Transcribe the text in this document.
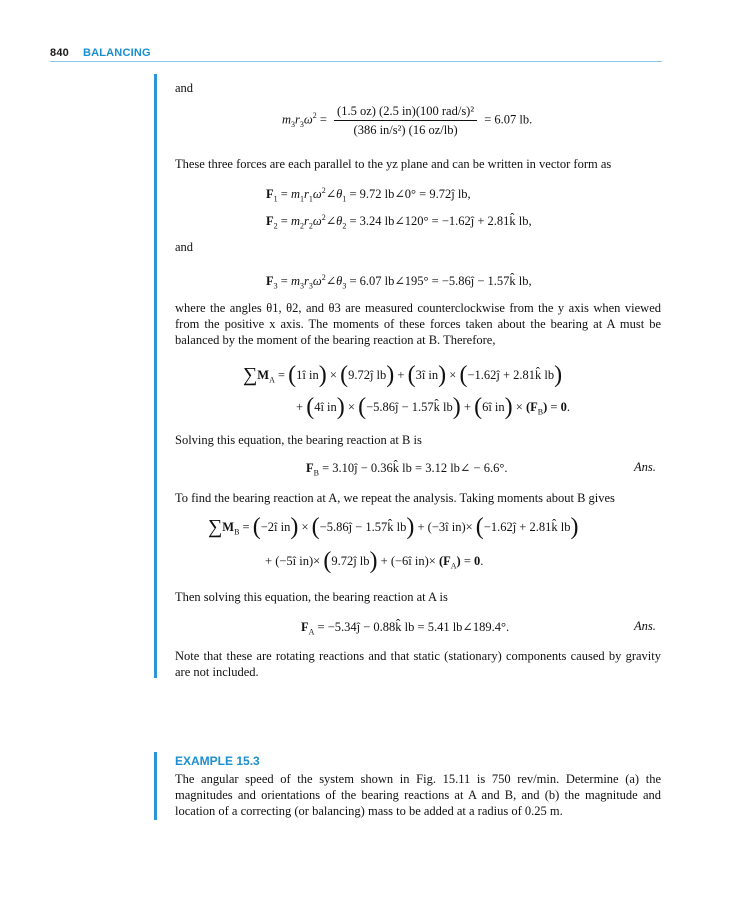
840 BALANCING
and
$m_3r_3\omega^2 = \frac{\text{(1.5 oz) (2.5 in)(100 rad/s)²}}{\text{(386 in/s²) (16 oz/lb)}} = 6.07$ lb.
These three forces are each parallel to the yz plane and can be written in vector form as
$F_1$ = $m_1r_1\omega^2\angle\theta_1 = 9.72$ lb∠0° = 9.72ĵ lb,
$F_2$ = $m_2r_2\omega^2\angle\theta_2 = 3.24$ lb∠120° = −1.62ĵ + 2.81k̂ lb,
and
$F_3$ = $m_3r_3\omega^2\angle\theta_3 = 6.07$ lb∠195° = −5.86ĵ − 1.57k̂ lb,
where the angles θ1, θ2, and θ3 are measured counterclockwise from the y axis when viewed from the positive x axis. The moments of these forces taken about the bearing at A must be balanced by the moment of the bearing reaction at B. Therefore,
$\sum M_A$ = (1î in) × (9.72ĵ lb) + (3î in) × (−1.62ĵ + 2.81k̂ lb)
+ (4î in) × (−5.86ĵ − 1.57k̂ lb) + (6î $in) \times (F_B) = 0$.
Solving this equation, the bearing reaction at B is
$F_B$ = 3.10ĵ − 0.36k̂ lb = 3.12 lb∠ − 6.6°.	Ans.
To find the bearing reaction at A, we repeat the analysis. Taking moments about B gives
$\sum M_B$ = (−2î in) × (−5.86ĵ − 1.57k̂ lb) + (−3î in)× (−1.62ĵ + 2.81k̂ lb)
+ (−5î in)× (9.72ĵ lb) + (−6î $in)\times (F_A) = 0$.
Then solving this equation, the bearing reaction at A is
$F_A$ = −5.34ĵ − 0.88k̂ lb = 5.41 lb∠189.4°.	Ans.
Note that these are rotating reactions and that static (stationary) components caused by gravity are not included.
EXAMPLE 15.3
The angular speed of the system shown in Fig. 15.11 is 750 rev/min. Determine (a) the magnitudes and orientations of the bearing reactions at A and B, and (b) the magnitude and location of a correcting (or balancing) mass to be added at a radius of 0.25 m.
